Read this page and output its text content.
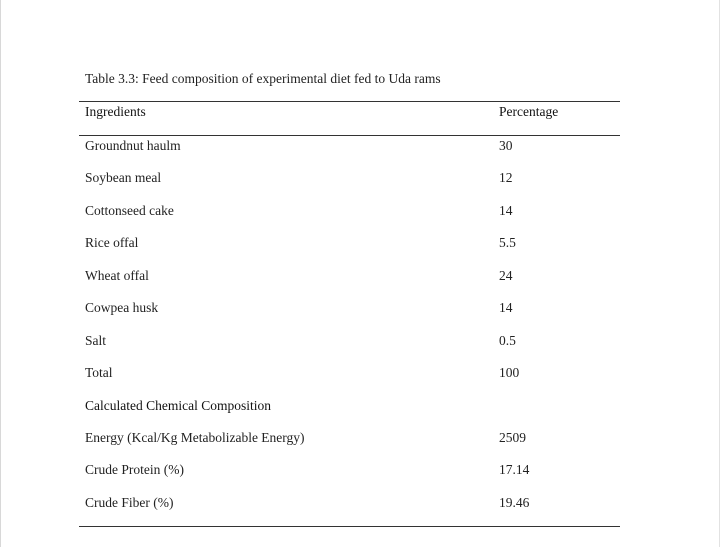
Table 3.3: Feed composition of experimental diet fed to Uda rams
Ingredients	Percentage
Groundnut haulm	30
Soybean meal	12
Cottonseed cake	14
Rice offal	5.5
Wheat offal	24
Cowpea husk	14
Salt	0.5
Total	100
Calculated Chemical Composition
Energy (Kcal/Kg Metabolizable Energy)	2509
Crude Protein (%)	17.14
Crude Fiber (%)	19.46
